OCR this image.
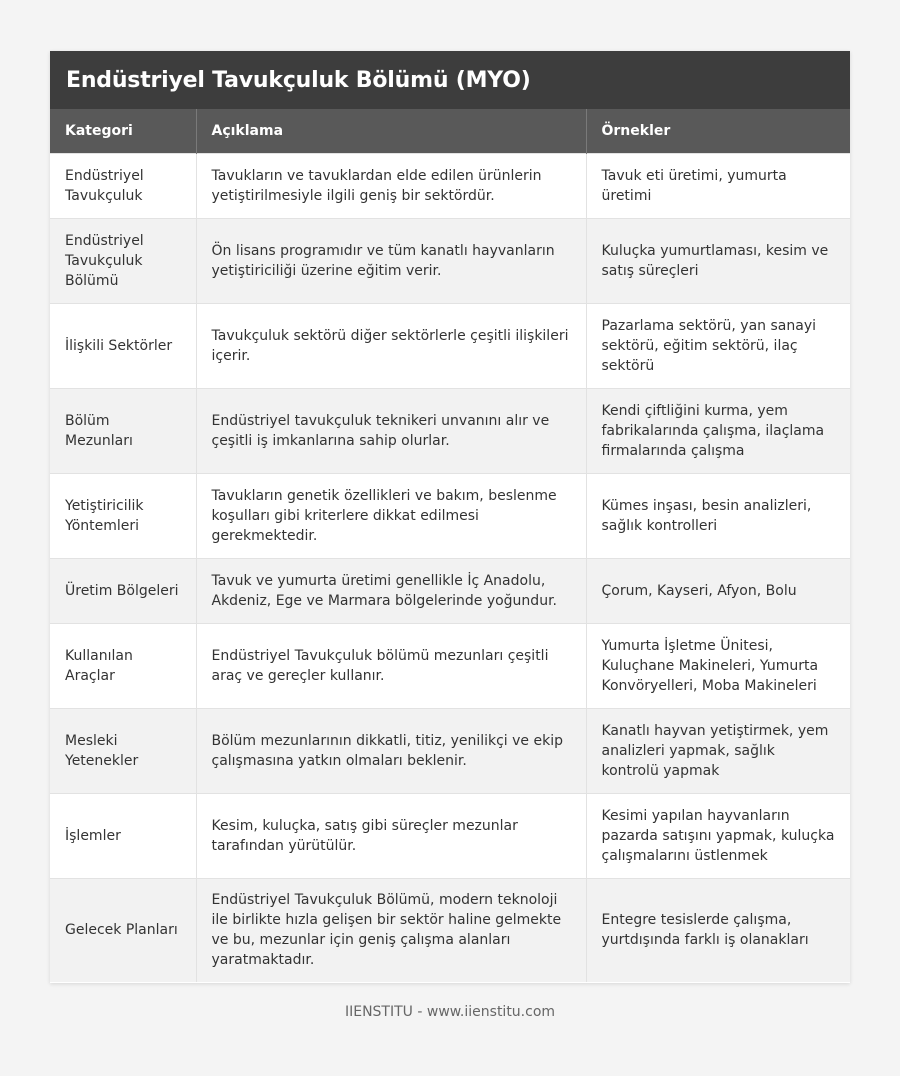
Endüstriyel Tavukçuluk Bölümü (MYO)
Kategori	Açıklama	Örnekler
Endüstriyel Tavukçuluk	Tavukların ve tavuklardan elde edilen ürünlerin yetiştirilmesiyle ilgili geniş bir sektördür.	Tavuk eti üretimi, yumurta üretimi
Endüstriyel Tavukçuluk Bölümü	Ön lisans programıdır ve tüm kanatlı hayvanların yetiştiriciliği üzerine eğitim verir.	Kuluçka yumurtlaması, kesim ve satış süreçleri
İlişkili Sektörler	Tavukçuluk sektörü diğer sektörlerle çeşitli ilişkileri içerir.	Pazarlama sektörü, yan sanayi sektörü, eğitim sektörü, ilaç sektörü
Bölüm Mezunları	Endüstriyel tavukçuluk teknikeri unvanını alır ve çeşitli iş imkanlarına sahip olurlar.	Kendi çiftliğini kurma, yem fabrikalarında çalışma, ilaçlama firmalarında çalışma
Yetiştiricilik Yöntemleri	Tavukların genetik özellikleri ve bakım, beslenme koşulları gibi kriterlere dikkat edilmesi gerekmektedir.	Kümes inşası, besin analizleri, sağlık kontrolleri
Üretim Bölgeleri	Tavuk ve yumurta üretimi genellikle İç Anadolu, Akdeniz, Ege ve Marmara bölgelerinde yoğundur.	Çorum, Kayseri, Afyon, Bolu
Kullanılan Araçlar	Endüstriyel Tavukçuluk bölümü mezunları çeşitli araç ve gereçler kullanır.	Yumurta İşletme Ünitesi, Kuluçhane Makineleri, Yumurta Konvöryelleri, Moba Makineleri
Mesleki Yetenekler	Bölüm mezunlarının dikkatli, titiz, yenilikçi ve ekip çalışmasına yatkın olmaları beklenir.	Kanatlı hayvan yetiştirmek, yem analizleri yapmak, sağlık kontrolü yapmak
İşlemler	Kesim, kuluçka, satış gibi süreçler mezunlar tarafından yürütülür.	Kesimi yapılan hayvanların pazarda satışını yapmak, kuluçka çalışmalarını üstlenmek
Gelecek Planları	Endüstriyel Tavukçuluk Bölümü, modern teknoloji ile birlikte hızla gelişen bir sektör haline gelmekte ve bu, mezunlar için geniş çalışma alanları yaratmaktadır.	Entegre tesislerde çalışma, yurtdışında farklı iş olanakları
IIENSTITU - www.iienstitu.com
